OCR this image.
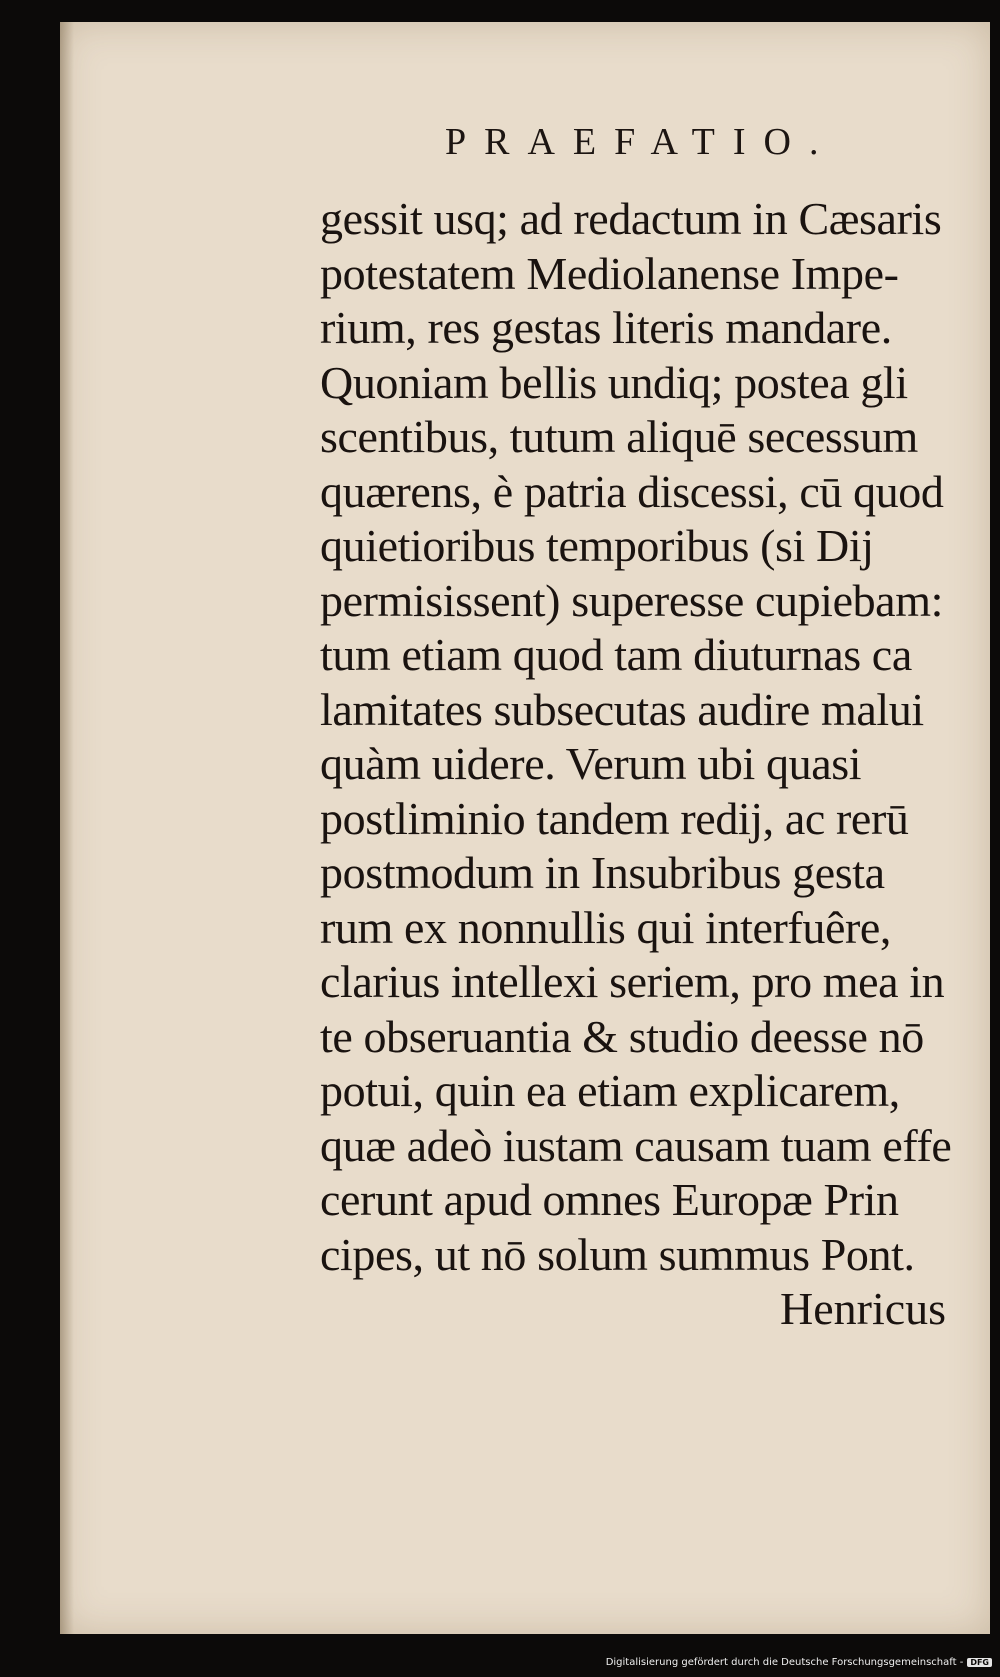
PRAEFATIO.
gessit usq; ad redactum in Cæsaris
potestatem Mediolanense Impe-
rium, res gestas literis mandare.
Quoniam bellis undiq; postea gli
scentibus, tutum aliquē secessum
quærens, è patria discessi, cū quod
quietioribus temporibus (si Dij
permisissent) superesse cupiebam:
tum etiam quod tam diuturnas ca
lamitates subsecutas audire malui
quàm uidere. Verum ubi quasi
postliminio tandem redij, ac rerū
postmodum in Insubribus gesta
rum ex nonnullis qui interfuêre,
clarius intellexi seriem, pro mea in
te obseruantia & studio deesse nō
potui, quin ea etiam explicarem,
quæ adeò iustam causam tuam effe
cerunt apud omnes Europæ Prin
cipes, ut nō solum summus Pont.
Henricus
Digitalisierung gefördert durch die Deutsche Forschungsgemeinschaft - DFG
